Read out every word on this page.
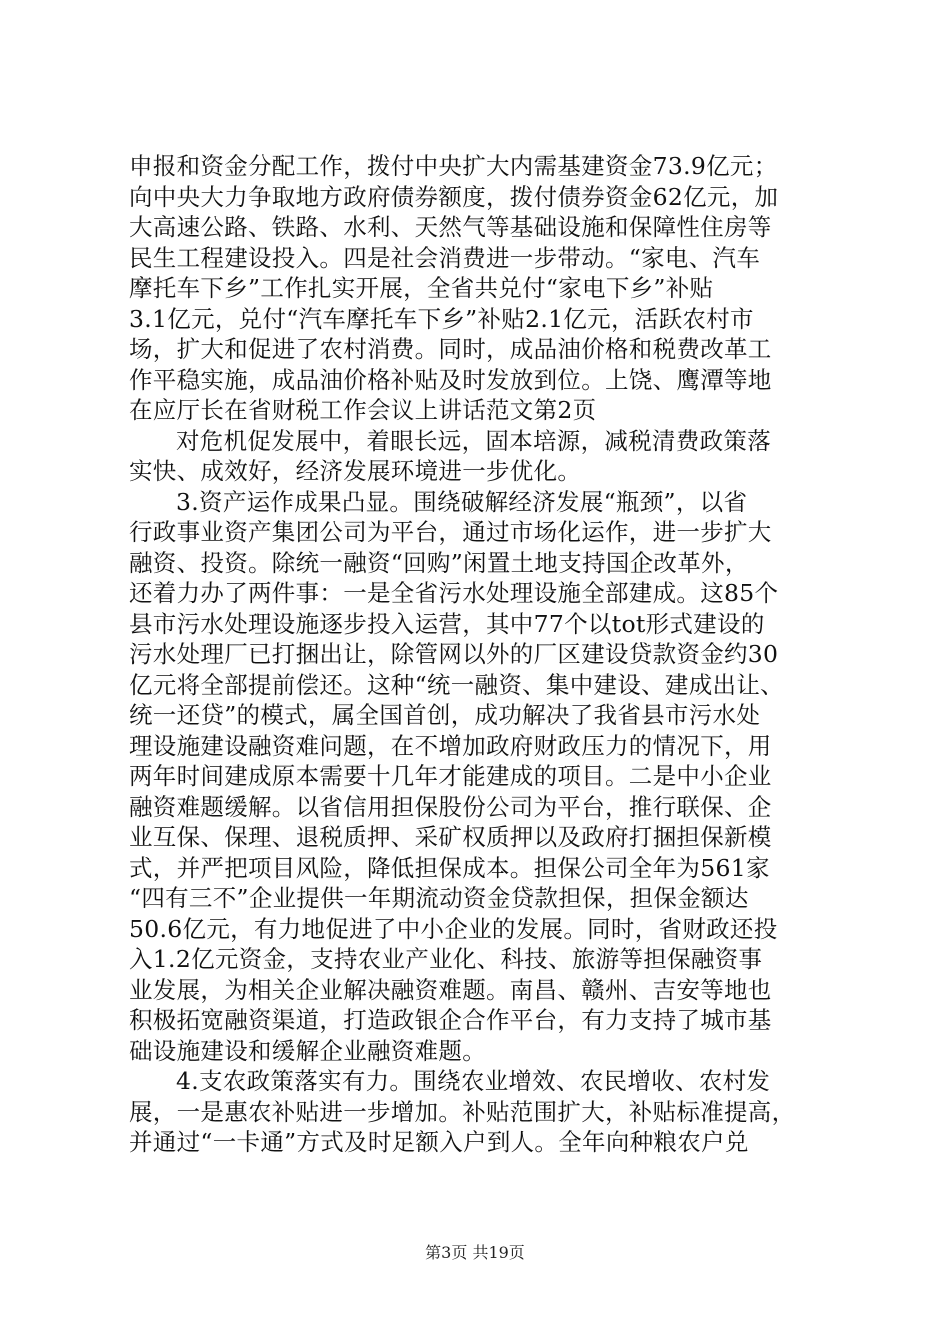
申报和资金分配工作，拨付中央扩大内需基建资金73.9亿元；
向中央大力争取地方政府债券额度，拨付债券资金62亿元，加
大高速公路、铁路、水利、天然气等基础设施和保障性住房等
民生工程建设投入。四是社会消费进一步带动。“家电、汽车
摩托车下乡”工作扎实开展，全省共兑付“家电下乡”补贴
3.1亿元，兑付“汽车摩托车下乡”补贴2.1亿元，活跃农村市
场，扩大和促进了农村消费。同时，成品油价格和税费改革工
作平稳实施，成品油价格补贴及时发放到位。上饶、鹰潭等地
在应厅长在省财税工作会议上讲话范文第2页
对危机促发展中，着眼长远，固本培源，减税清费政策落
实快、成效好，经济发展环境进一步优化。
3.资产运作成果凸显。围绕破解经济发展“瓶颈”，以省
行政事业资产集团公司为平台，通过市场化运作，进一步扩大
融资、投资。除统一融资“回购”闲置土地支持国企改革外，
还着力办了两件事：一是全省污水处理设施全部建成。这85个
县市污水处理设施逐步投入运营，其中77个以tot形式建设的
污水处理厂已打捆出让，除管网以外的厂区建设贷款资金约30
亿元将全部提前偿还。这种“统一融资、集中建设、建成出让、
统一还贷”的模式，属全国首创，成功解决了我省县市污水处
理设施建设融资难问题，在不增加政府财政压力的情况下，用
两年时间建成原本需要十几年才能建成的项目。二是中小企业
融资难题缓解。以省信用担保股份公司为平台，推行联保、企
业互保、保理、退税质押、采矿权质押以及政府打捆担保新模
式，并严把项目风险，降低担保成本。担保公司全年为561家
“四有三不”企业提供一年期流动资金贷款担保，担保金额达
50.6亿元，有力地促进了中小企业的发展。同时，省财政还投
入1.2亿元资金，支持农业产业化、科技、旅游等担保融资事
业发展，为相关企业解决融资难题。南昌、赣州、吉安等地也
积极拓宽融资渠道，打造政银企合作平台，有力支持了城市基
础设施建设和缓解企业融资难题。
4.支农政策落实有力。围绕农业增效、农民增收、农村发
展，一是惠农补贴进一步增加。补贴范围扩大，补贴标准提高，
并通过“一卡通”方式及时足额入户到人。全年向种粮农户兑
第3页 共19页
